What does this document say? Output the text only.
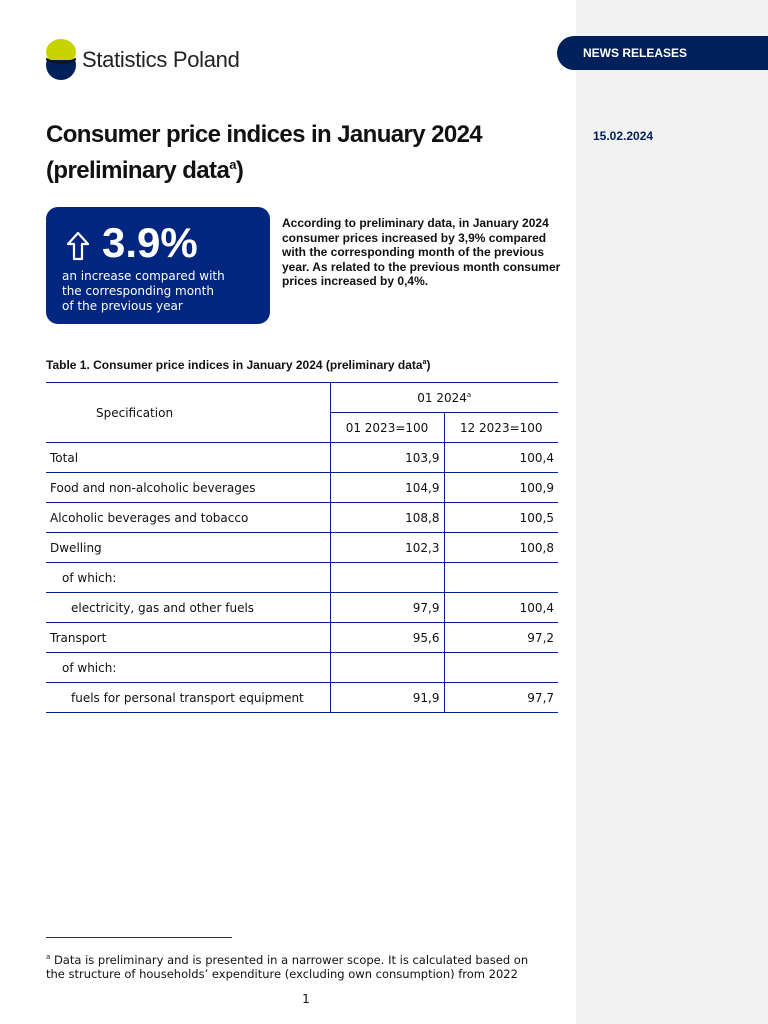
NEWS RELEASES
15.02.2024
Statistics Poland
Consumer price indices in January 2024
(preliminary data$^a$)
3.9%
an increase compared with
the corresponding month
of the previous year

According to preliminary data, in January 2024 consumer prices increased by 3,9% compared with the corresponding month of the previous year. As related to the previous month consumer prices increased by 0,4%.

Table 1. Consumer price indices in January 2024 (preliminary data$^a$)

Specification	01 2024$^a$
	01 2023=100	12 2023=100
Total	103,9	100,4
Food and non-alcoholic beverages	104,9	100,9
Alcoholic beverages and tobacco	108,8	100,5
Dwelling	102,3	100,8
of which:		
electricity, gas and other fuels	97,9	100,4
Transport	95,6	97,2
of which:		
fuels for personal transport equipment	91,9	97,7

$^a$ Data is preliminary and is presented in a narrower scope. It is calculated based on the structure of households’ expenditure (excluding own consumption) from 2022

1
